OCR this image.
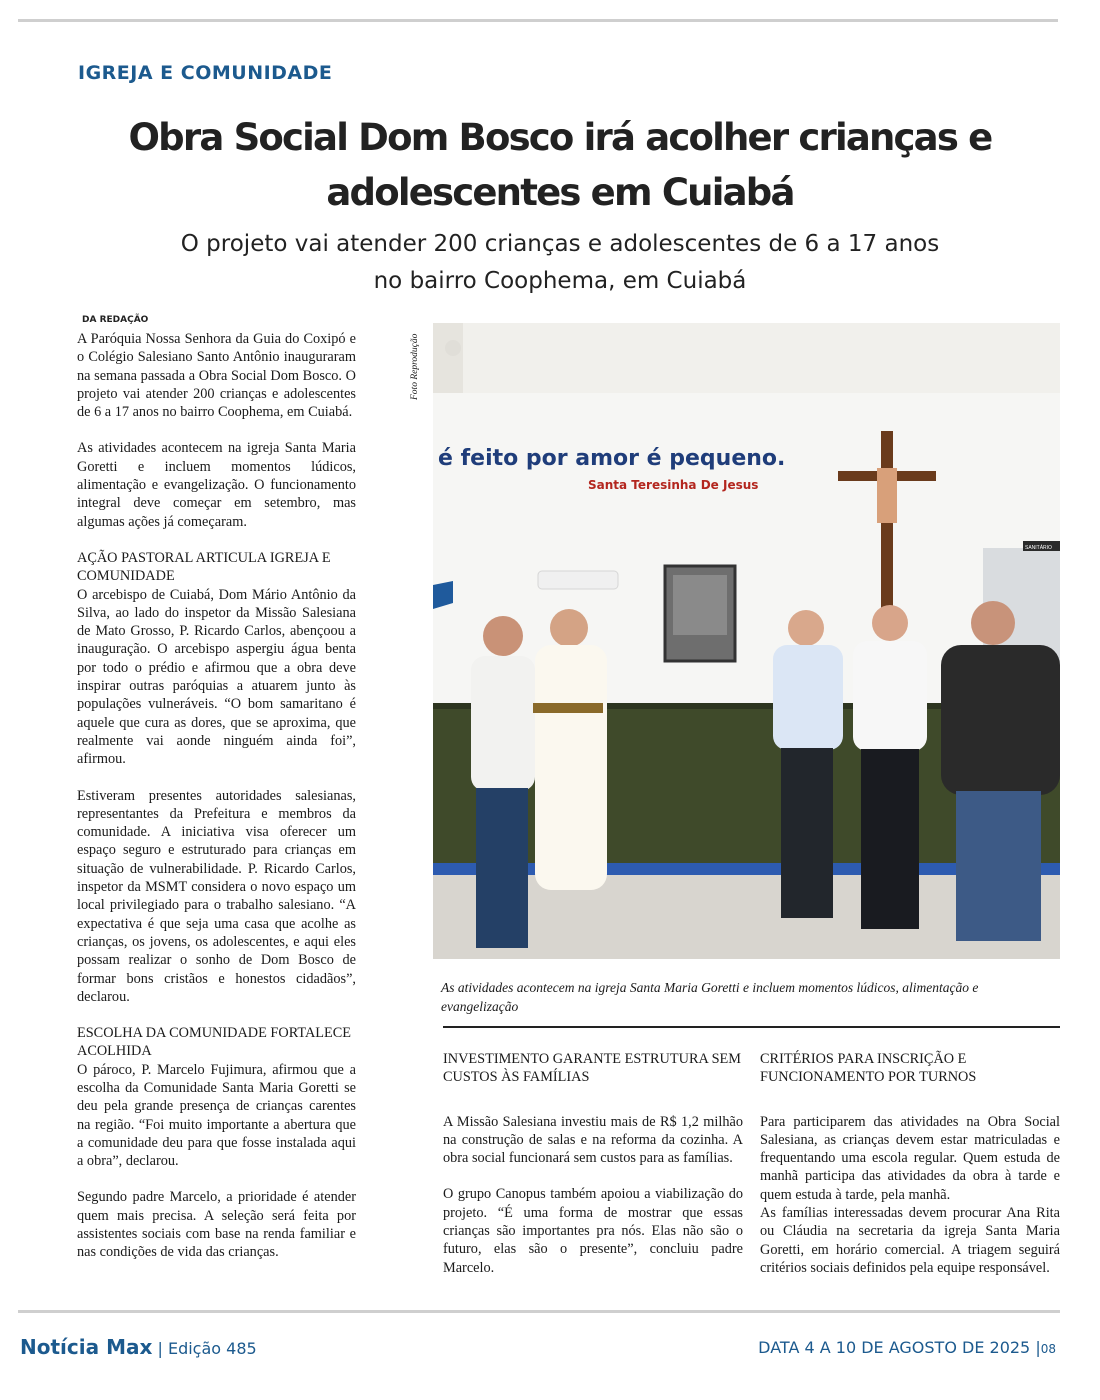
IGREJA E COMUNIDADE
Obra Social Dom Bosco irá acolher crianças e
adolescentes em Cuiabá
O projeto vai atender 200 crianças e adolescentes de 6 a 17 anos
no bairro Coophema, em Cuiabá
DA REDAÇÃO

A Paróquia Nossa Senhora da Guia do Coxipó e o Colégio Salesiano Santo Antônio inauguraram na semana passada a Obra Social Dom Bosco. O projeto vai atender 200 crianças e adolescentes de 6 a 17 anos no bairro Coophema, em Cuiabá.

As atividades acontecem na igreja Santa Maria Goretti e incluem momentos lúdicos, alimentação e evangelização. O funcionamento integral deve começar em setembro, mas algumas ações já começaram.

AÇÃO PASTORAL ARTICULA IGREJA E COMUNIDADE

O arcebispo de Cuiabá, Dom Mário Antônio da Silva, ao lado do inspetor da Missão Salesiana de Mato Grosso, P. Ricardo Carlos, abençoou a inauguração. O arcebispo aspergiu água benta por todo o prédio e afirmou que a obra deve inspirar outras paróquias a atuarem junto às populações vulneráveis. “O bom samaritano é aquele que cura as dores, que se aproxima, que realmente vai aonde ninguém ainda foi”, afirmou.

Estiveram presentes autoridades salesianas, representantes da Prefeitura e membros da comunidade. A iniciativa visa oferecer um espaço seguro e estruturado para crianças em situação de vulnerabilidade. P. Ricardo Carlos, inspetor da MSMT considera o novo espaço um local privilegiado para o trabalho salesiano. “A expectativa é que seja uma casa que acolhe as crianças, os jovens, os adolescentes, e aqui eles possam realizar o sonho de Dom Bosco de formar bons cristãos e honestos cidadãos”, declarou.

ESCOLHA DA COMUNIDADE FORTALECE ACOLHIDA

O pároco, P. Marcelo Fujimura, afirmou que a escolha da Comunidade Santa Maria Goretti se deu pela grande presença de crianças carentes na região. “Foi muito importante a abertura que a comunidade deu para que fosse instalada aqui a obra”, declarou.

Segundo padre Marcelo, a prioridade é atender quem mais precisa. A seleção será feita por assistentes sociais com base na renda familiar e nas condições de vida das crianças.

Foto Reprodução
SANITÁRIO
é feito por amor é pequeno.
Santa Teresinha De Jesus
As atividades acontecem na igreja Santa Maria Goretti e incluem momentos lúdicos, alimentação e evangelização
INVESTIMENTO GARANTE ESTRUTURA SEM CUSTOS ÀS FAMÍLIAS

A Missão Salesiana investiu mais de R$ 1,2 milhão na construção de salas e na reforma da cozinha. A obra social funcionará sem custos para as famílias.

O grupo Canopus também apoiou a viabilização do projeto. “É uma forma de mostrar que essas crianças são importantes pra nós. Elas não são o futuro, elas são o presente”, concluiu padre Marcelo.

CRITÉRIOS PARA INSCRIÇÃO E FUNCIONAMENTO POR TURNOS

Para participarem das atividades na Obra Social Salesiana, as crianças devem estar matriculadas e frequentando uma escola regular. Quem estuda de manhã participa das atividades da obra à tarde e quem estuda à tarde, pela manhã.

As famílias interessadas devem procurar Ana Rita ou Cláudia na secretaria da igreja Santa Maria Goretti, em horário comercial. A triagem seguirá critérios sociais definidos pela equipe responsável.

Notícia Max | Edição 485	DATA 4 A 10 DE AGOSTO DE 2025 |08
